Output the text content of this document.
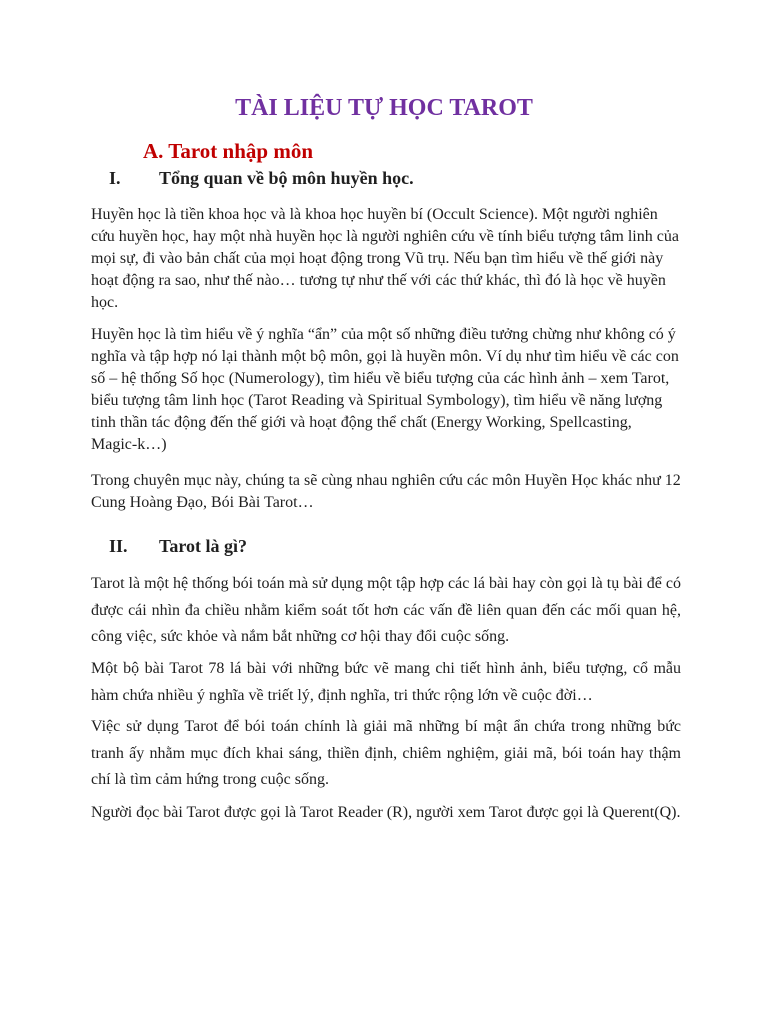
TÀI LIỆU TỰ HỌC TAROT
A. Tarot nhập môn
I.	Tổng quan về bộ môn huyền học.

Huyền học là tiền khoa học và là khoa học huyền bí (Occult Science). Một người nghiên cứu huyền học, hay một nhà huyền học là người nghiên cứu về tính biểu tượng tâm linh của mọi sự, đi vào bản chất của mọi hoạt động trong Vũ trụ. Nếu bạn tìm hiểu về thế giới này hoạt động ra sao, như thế nào… tương tự như thế với các thứ khác, thì đó là học về huyền học.

Huyền học là tìm hiểu về ý nghĩa “ẩn” của một số những điều tưởng chừng như không có ý nghĩa và tập hợp nó lại thành một bộ môn, gọi là huyền môn. Ví dụ như tìm hiểu về các con số – hệ thống Số học (Numerology), tìm hiểu về biểu tượng của các hình ảnh – xem Tarot, biểu tượng tâm linh học (Tarot Reading và Spiritual Symbology), tìm hiểu về năng lượng tinh thần tác động đến thế giới và hoạt động thể chất (Energy Working, Spellcasting, Magic-k…)

Trong chuyên mục này, chúng ta sẽ cùng nhau nghiên cứu các môn Huyền Học khác như 12 Cung Hoàng Đạo, Bói Bài Tarot…

II.	Tarot là gì?

Tarot là một hệ thống bói toán mà sử dụng một tập hợp các lá bài hay còn gọi là tụ bài để có được cái nhìn đa chiều nhằm kiểm soát tốt hơn các vấn đề liên quan đến các mối quan hệ, công việc, sức khỏe và nắm bắt những cơ hội thay đổi cuộc sống.

Một bộ bài Tarot 78 lá bài với những bức vẽ mang chi tiết hình ảnh, biểu tượng, cổ mẫu hàm chứa nhiều ý nghĩa về triết lý, định nghĩa, tri thức rộng lớn về cuộc đời…

Việc sử dụng Tarot để bói toán chính là giải mã những bí mật ẩn chứa trong những bức tranh ấy nhằm mục đích khai sáng, thiền định, chiêm nghiệm, giải mã, bói toán hay thậm chí là tìm cảm hứng trong cuộc sống.

Người đọc bài Tarot được gọi là Tarot Reader (R), người xem Tarot được gọi là Querent(Q).
